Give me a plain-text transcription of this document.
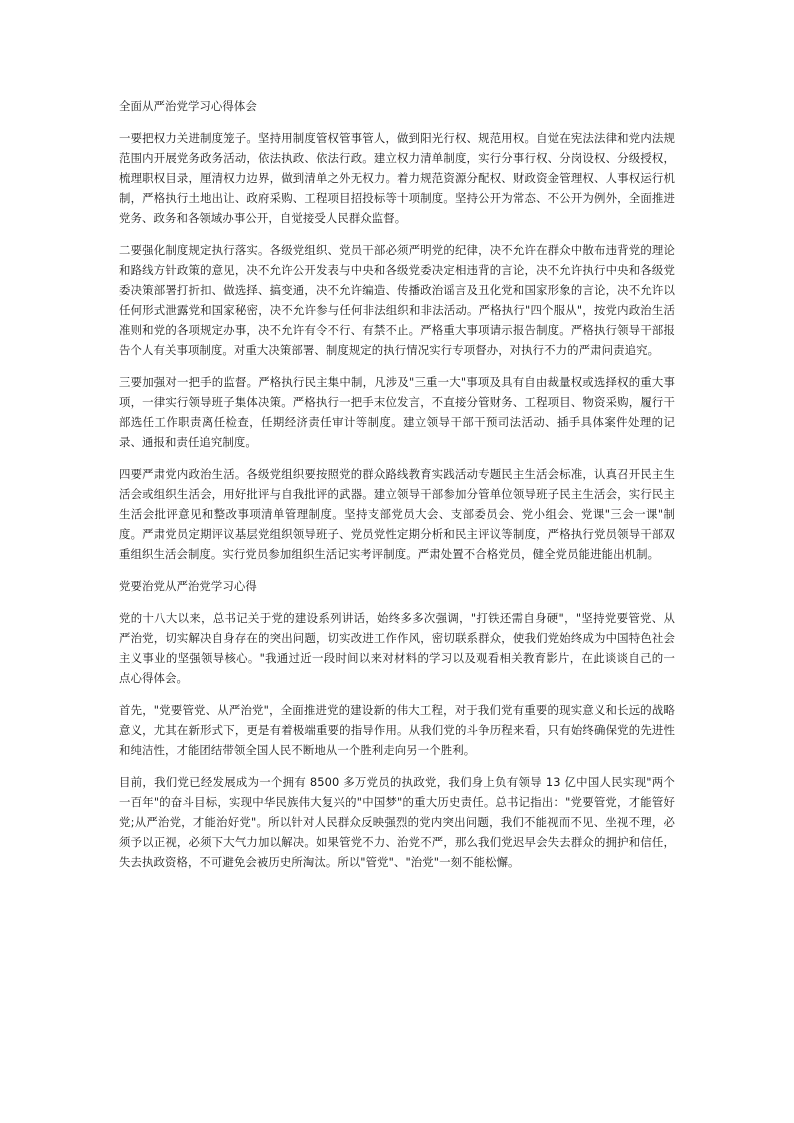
全面从严治党学习心得体会
一要把权力关进制度笼子。坚持用制度管权管事管人，做到阳光行权、规范用权。自觉在宪法法律和党内法规范围内开展党务政务活动，依法执政、依法行政。建立权力清单制度，实行分事行权、分岗设权、分级授权，梳理职权目录，厘清权力边界，做到清单之外无权力。着力规范资源分配权、财政资金管理权、人事权运行机制，严格执行土地出让、政府采购、工程项目招投标等十项制度。坚持公开为常态、不公开为例外，全面推进党务、政务和各领域办事公开，自觉接受人民群众监督。
二要强化制度规定执行落实。各级党组织、党员干部必须严明党的纪律，决不允许在群众中散布违背党的理论和路线方针政策的意见，决不允许公开发表与中央和各级党委决定相违背的言论，决不允许执行中央和各级党委决策部署打折扣、做选择、搞变通，决不允许编造、传播政治谣言及丑化党和国家形象的言论，决不允许以任何形式泄露党和国家秘密，决不允许参与任何非法组织和非法活动。严格执行"四个服从"，按党内政治生活准则和党的各项规定办事，决不允许有令不行、有禁不止。严格重大事项请示报告制度。严格执行领导干部报告个人有关事项制度。对重大决策部署、制度规定的执行情况实行专项督办，对执行不力的严肃问责追究。
三要加强对一把手的监督。严格执行民主集中制，凡涉及"三重一大"事项及具有自由裁量权或选择权的重大事项，一律实行领导班子集体决策。严格执行一把手末位发言，不直接分管财务、工程项目、物资采购，履行干部选任工作职责离任检查，任期经济责任审计等制度。建立领导干部干预司法活动、插手具体案件处理的记录、通报和责任追究制度。
四要严肃党内政治生活。各级党组织要按照党的群众路线教育实践活动专题民主生活会标准，认真召开民主生活会或组织生活会，用好批评与自我批评的武器。建立领导干部参加分管单位领导班子民主生活会，实行民主生活会批评意见和整改事项清单管理制度。坚持支部党员大会、支部委员会、党小组会、党课"三会一课"制度。严肃党员定期评议基层党组织领导班子、党员党性定期分析和民主评议等制度，严格执行党员领导干部双重组织生活会制度。实行党员参加组织生活记实考评制度。严肃处置不合格党员，健全党员能进能出机制。
党要治党从严治党学习心得
党的十八大以来，总书记关于党的建设系列讲话，始终多多次强调，"打铁还需自身硬"，"坚持党要管党、从严治党，切实解决自身存在的突出问题，切实改进工作作风，密切联系群众，使我们党始终成为中国特色社会主义事业的坚强领导核心。"我通过近一段时间以来对材料的学习以及观看相关教育影片，在此谈谈自己的一点心得体会。
首先，"党要管党、从严治党"，全面推进党的建设新的伟大工程，对于我们党有重要的现实意义和长远的战略意义，尤其在新形式下，更是有着极端重要的指导作用。从我们党的斗争历程来看，只有始终确保党的先进性和纯洁性，才能团结带领全国人民不断地从一个胜利走向另一个胜利。
目前，我们党已经发展成为一个拥有 8500 多万党员的执政党，我们身上负有领导 13 亿中国人民实现"两个一百年"的奋斗目标，实现中华民族伟大复兴的"中国梦"的重大历史责任。总书记指出："党要管党，才能管好党;从严治党，才能治好党"。所以针对人民群众反映强烈的党内突出问题，我们不能视而不见、坐视不理，必须予以正视，必须下大气力加以解决。如果管党不力、治党不严，那么我们党迟早会失去群众的拥护和信任，失去执政资格，不可避免会被历史所淘汰。所以"管党"、"治党"一刻不能松懈。
